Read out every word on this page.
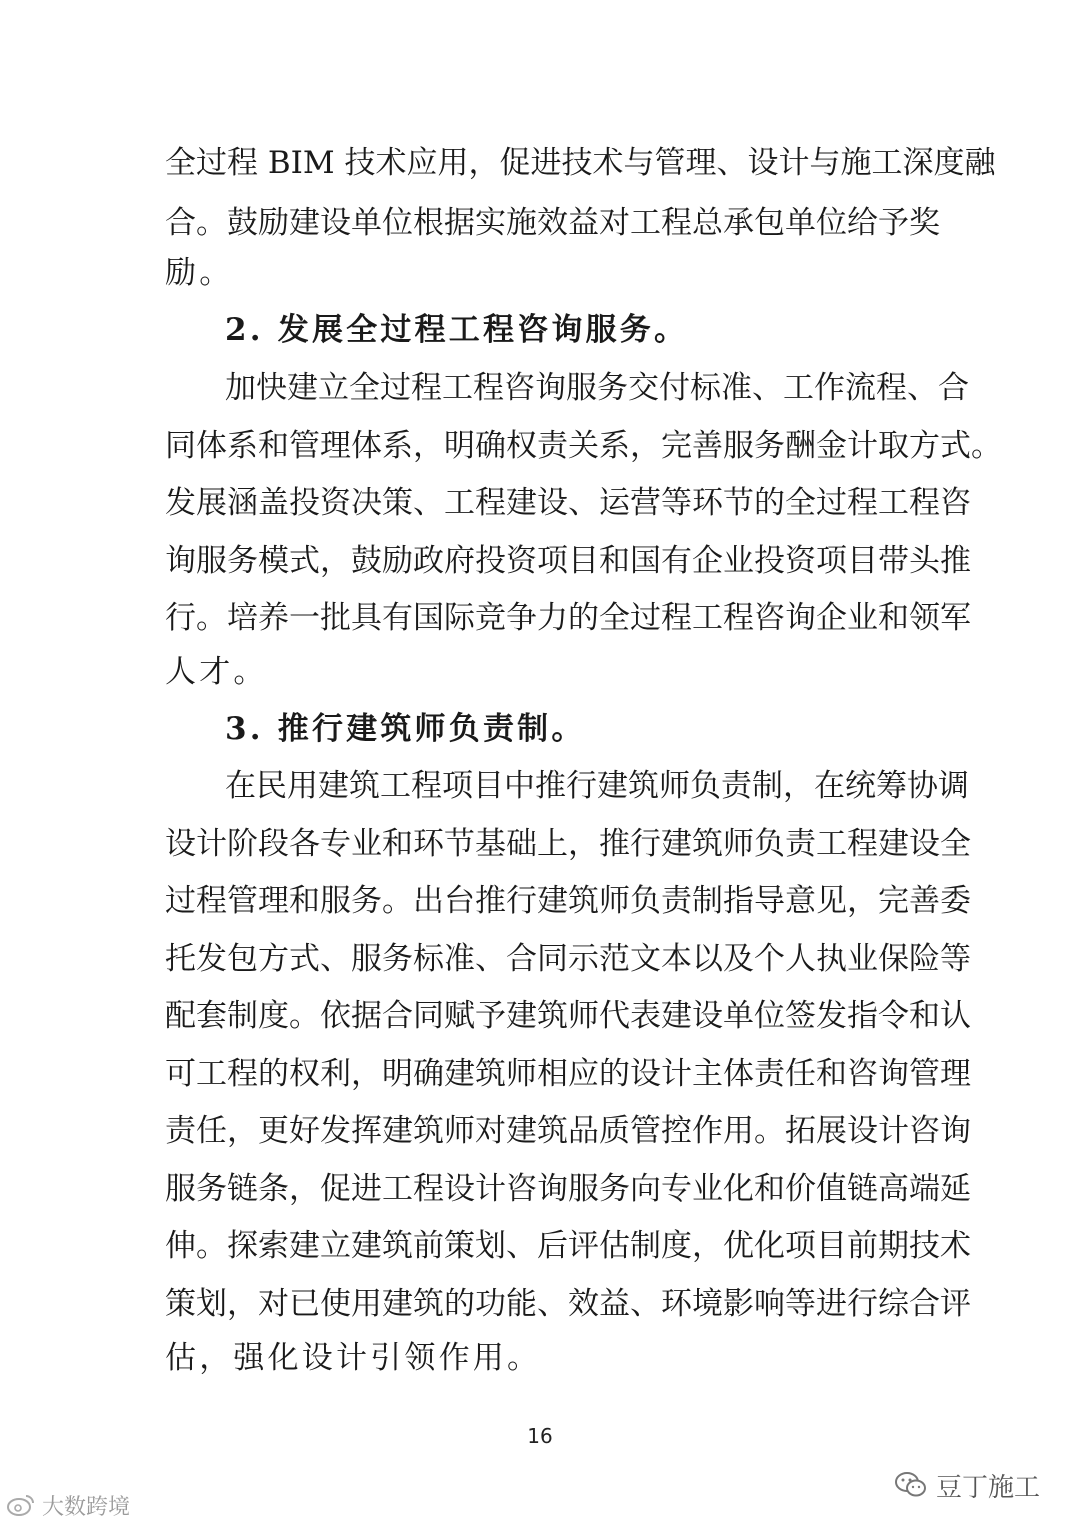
全过程 BIM 技术应用，促进技术与管理、设计与施工深度融
合。鼓励建设单位根据实施效益对工程总承包单位给予奖
励。
2. 发展全过程工程咨询服务。
加快建立全过程工程咨询服务交付标准、工作流程、合
同体系和管理体系，明确权责关系，完善服务酬金计取方式。
发展涵盖投资决策、工程建设、运营等环节的全过程工程咨
询服务模式，鼓励政府投资项目和国有企业投资项目带头推
行。培养一批具有国际竞争力的全过程工程咨询企业和领军
人才。
3. 推行建筑师负责制。
在民用建筑工程项目中推行建筑师负责制，在统筹协调
设计阶段各专业和环节基础上，推行建筑师负责工程建设全
过程管理和服务。出台推行建筑师负责制指导意见，完善委
托发包方式、服务标准、合同示范文本以及个人执业保险等
配套制度。依据合同赋予建筑师代表建设单位签发指令和认
可工程的权利，明确建筑师相应的设计主体责任和咨询管理
责任，更好发挥建筑师对建筑品质管控作用。拓展设计咨询
服务链条，促进工程设计咨询服务向专业化和价值链高端延
伸。探索建立建筑前策划、后评估制度，优化项目前期技术
策划，对已使用建筑的功能、效益、环境影响等进行综合评
估，强化设计引领作用。
16
豆丁施工
大数跨境
